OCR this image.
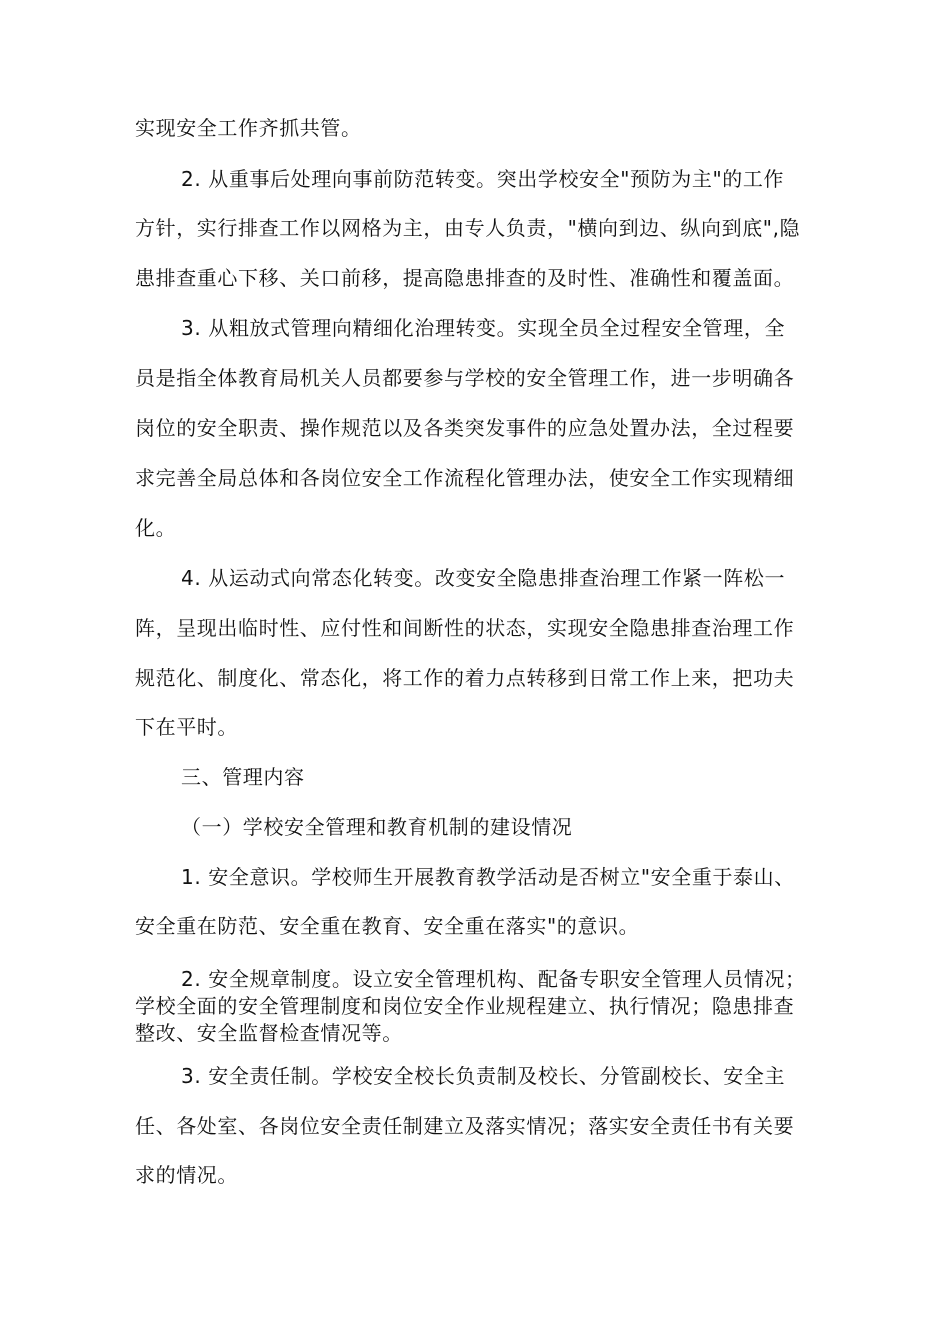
实现安全工作齐抓共管。
2. 从重事后处理向事前防范转变。突出学校安全"预防为主"的工作
方针，实行排查工作以网格为主，由专人负责，"横向到边、纵向到底",隐
患排查重心下移、关口前移，提高隐患排查的及时性、准确性和覆盖面。
3. 从粗放式管理向精细化治理转变。实现全员全过程安全管理，全
员是指全体教育局机关人员都要参与学校的安全管理工作，进一步明确各
岗位的安全职责、操作规范以及各类突发事件的应急处置办法，全过程要
求完善全局总体和各岗位安全工作流程化管理办法，使安全工作实现精细
化。
4. 从运动式向常态化转变。改变安全隐患排查治理工作紧一阵松一
阵，呈现出临时性、应付性和间断性的状态，实现安全隐患排查治理工作
规范化、制度化、常态化，将工作的着力点转移到日常工作上来，把功夫
下在平时。
三、管理内容
（一）学校安全管理和教育机制的建设情况
1. 安全意识。学校师生开展教育教学活动是否树立"安全重于泰山、
安全重在防范、安全重在教育、安全重在落实"的意识。
2. 安全规章制度。设立安全管理机构、配备专职安全管理人员情况；
学校全面的安全管理制度和岗位安全作业规程建立、执行情况；隐患排查
整改、安全监督检查情况等。
3. 安全责任制。学校安全校长负责制及校长、分管副校长、安全主
任、各处室、各岗位安全责任制建立及落实情况；落实安全责任书有关要
求的情况。
